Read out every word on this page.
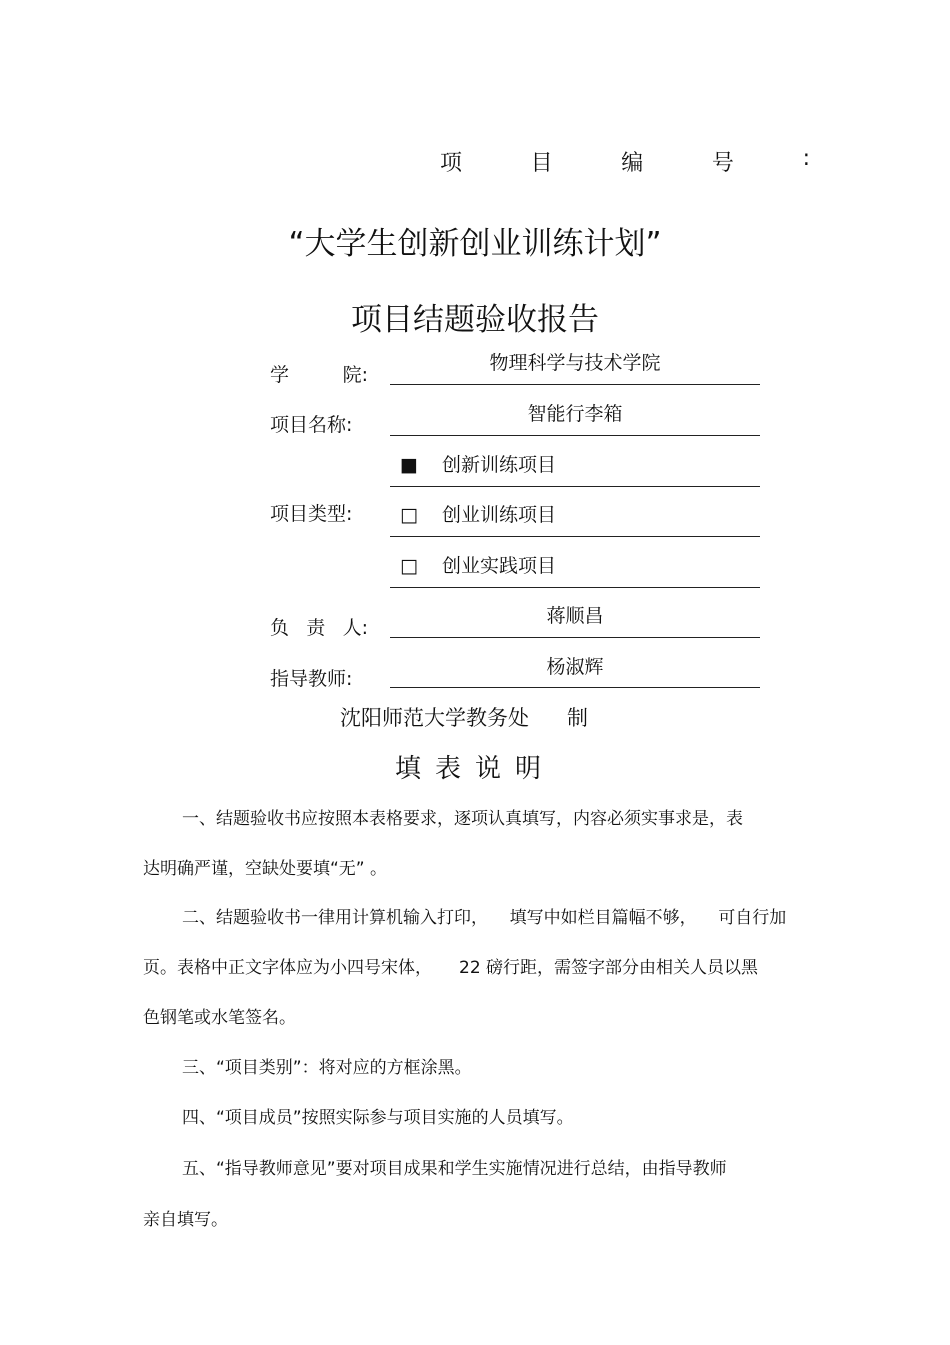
项	目	编	号	:
“大学生创新创业训练计划”
项目结题验收报告
学	院:
物理科学与技术学院
项目名称:	智能行李箱
项目类型:
■ 创新训练项目
□ 创业训练项目
□ 创业实践项目
负 责 人:
蒋顺昌
指导教师:
杨淑辉
沈阳师范大学教务处 制
填表说明
一、结题验收书应按照本表格要求，逐项认真填写，内容必须实事求是，表
达明确严谨，空缺处要填“无” 。
二、结题验收书一律用计算机输入打印，    填写中如栏目篇幅不够，    可自行加
页。表格中正文字体应为小四号宋体，     22 磅行距，需签字部分由相关人员以黑
色钢笔或水笔签名。
三、“项目类别”：将对应的方框涂黑。
四、“项目成员”按照实际参与项目实施的人员填写。
五、“指导教师意见”要对项目成果和学生实施情况进行总结，由指导教师
亲自填写。
